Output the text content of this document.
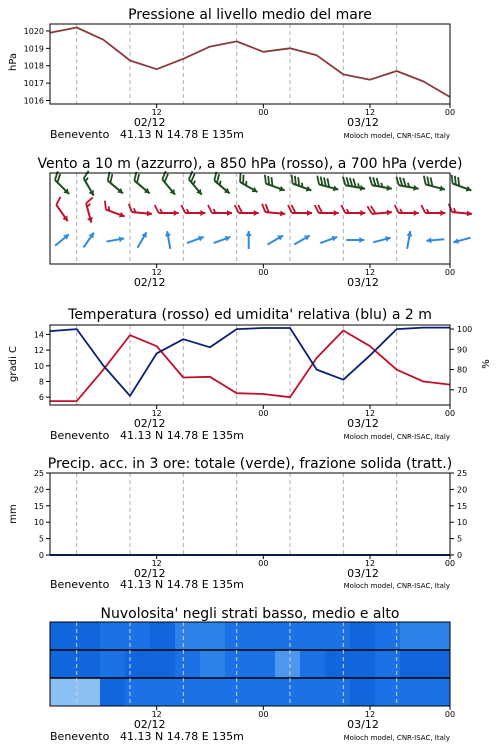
Pressione al livello medio del mare
hPa
1016
1017
1018
1019
1020
12	00	12	00
02/12	03/12
Benevento 41.13 N 14.78 E 135m	Moloch model, CNR-ISAC, Italy
Vento a 10 m (azzurro), a 850 hPa (rosso), a 700 hPa (verde)
12	00	12	00
02/12	03/12
Temperatura (rosso) ed umidita' relativa (blu) a 2 m
gradi C	%
6
8
10
12
14
70
80
90
100
12	00	12	00
02/12	03/12
Benevento 41.13 N 14.78 E 135m	Moloch model, CNR-ISAC, Italy
Precip. acc. in 3 ore: totale (verde), frazione solida (tratt.)
mm
0
5
10
15
20
25
0
5
10
15
20
25
12	00	12	00
02/12	03/12
Benevento 41.13 N 14.78 E 135m	Moloch model, CNR-ISAC, Italy
Nuvolosita' negli strati basso, medio e alto
12	00	12	00
02/12	03/12
Benevento 41.13 N 14.78 E 135m	Moloch model, CNR-ISAC, Italy
